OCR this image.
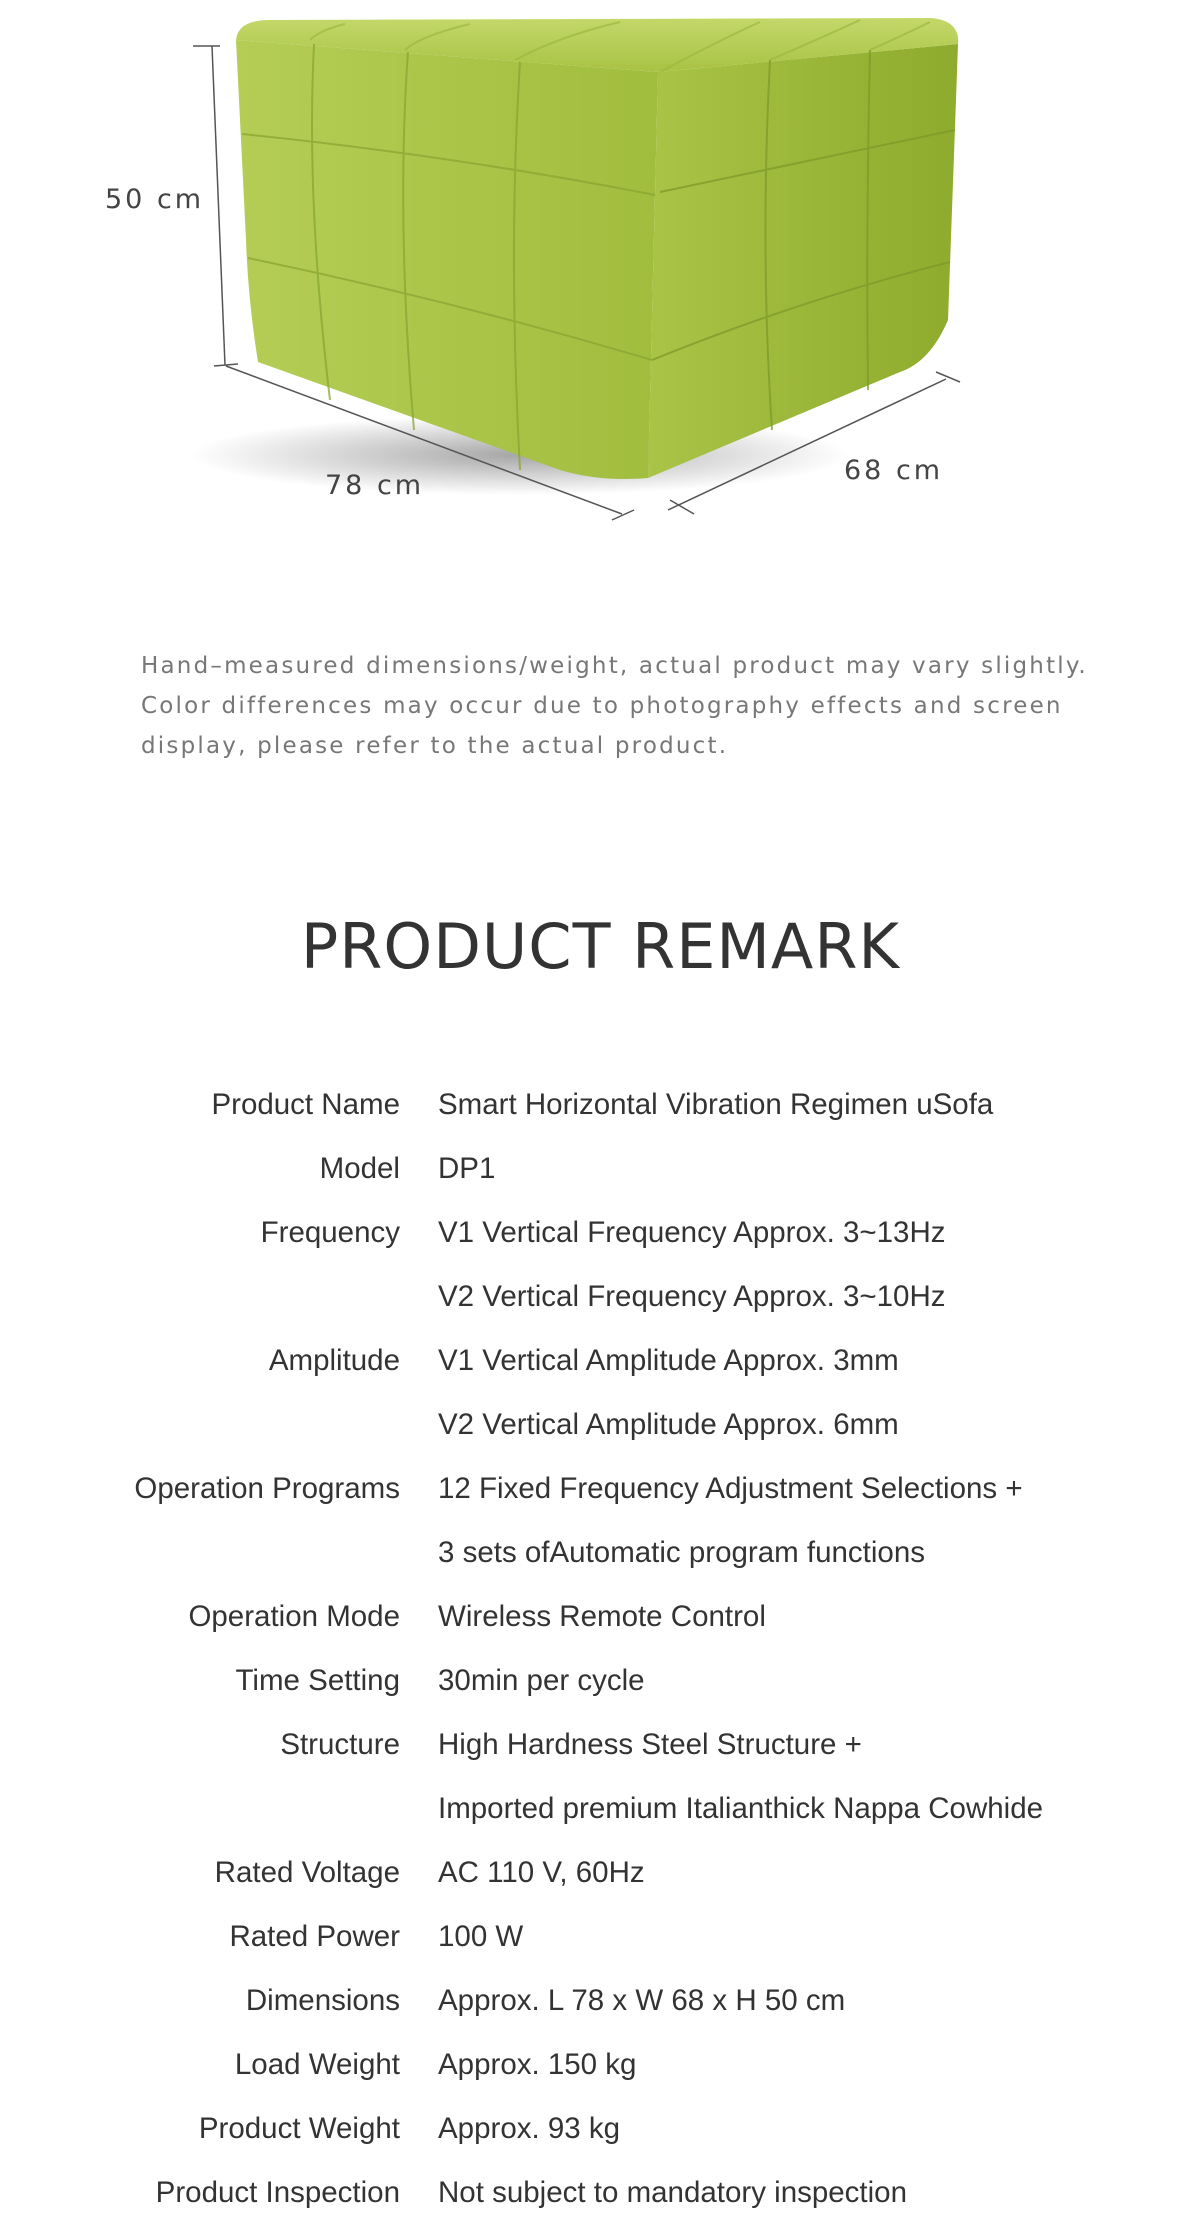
50 cm
78 cm	68 cm

Hand–measured dimensions/weight, actual product may vary slightly.
Color differences may occur due to photography effects and screen
display, please refer to the actual product.

PRODUCT REMARK
Product Name Smart Horizontal Vibration Regimen uSofa
Model DP1
Frequency V1 Vertical Frequency Approx. 3~13Hz
V2 Vertical Frequency Approx. 3~10Hz
Amplitude V1 Vertical Amplitude Approx. 3mm
V2 Vertical Amplitude Approx. 6mm
Operation Programs 12 Fixed Frequency Adjustment Selections +
3 sets ofAutomatic program functions
Operation Mode Wireless Remote Control
Time Setting 30min per cycle
Structure High Hardness Steel Structure +
Imported premium Italianthick Nappa Cowhide
Rated Voltage AC 110 V, 60Hz
Rated Power 100 W
Dimensions Approx. L 78 x W 68 x H 50 cm
Load Weight Approx. 150 kg
Product Weight Approx. 93 kg
Product Inspection Not subject to mandatory inspection
